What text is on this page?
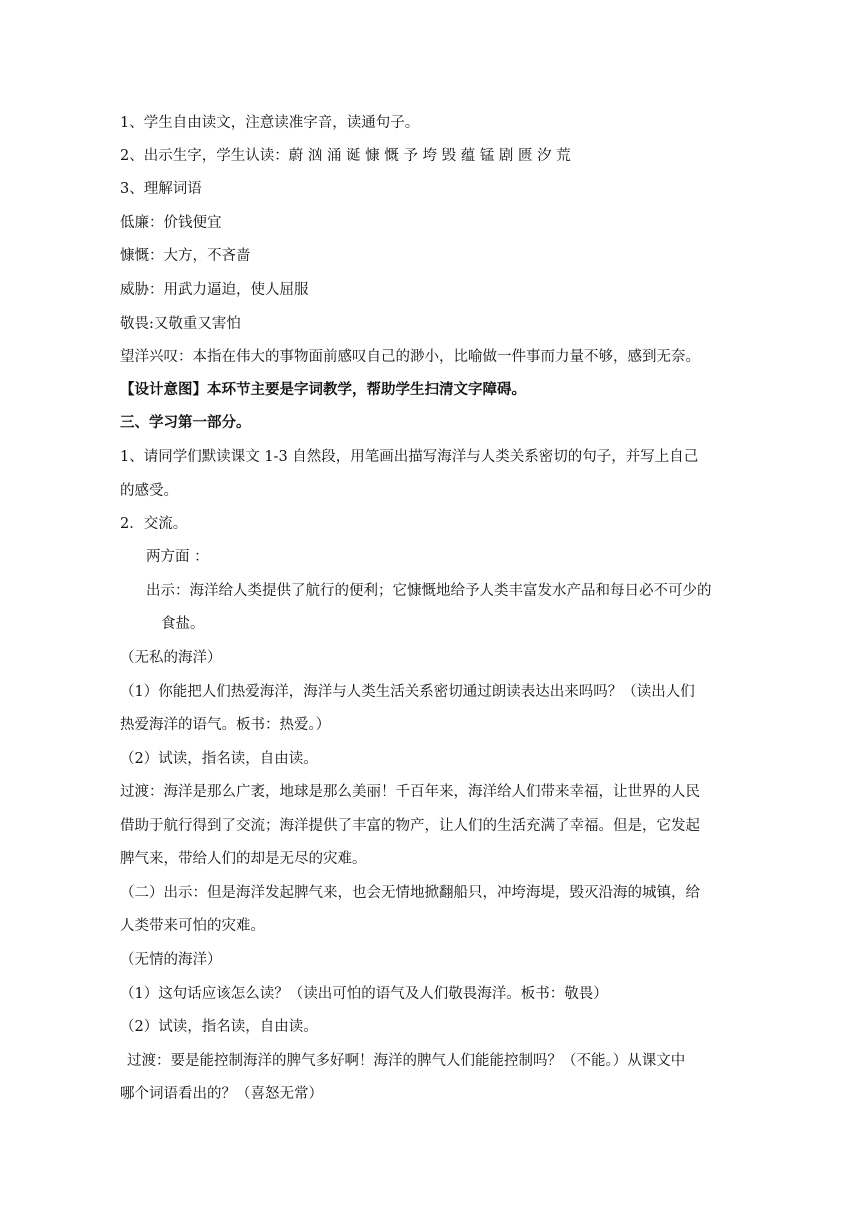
1、学生自由读文，注意读准字音，读通句子。
2、出示生字，学生认读：蔚 汹 涌 诞 慷 慨 予 垮 毁 蕴 锰 剧 匮 汐 荒
3、理解词语
低廉：价钱便宜
慷慨：大方，不吝啬
威胁：用武力逼迫，使人屈服
敬畏:又敬重又害怕
望洋兴叹：本指在伟大的事物面前感叹自己的渺小，比喻做一件事而力量不够，感到无奈。
【设计意图】本环节主要是字词教学，帮助学生扫清文字障碍。
三、学习第一部分。
1、请同学们默读课文 1-3 自然段，用笔画出描写海洋与人类关系密切的句子，并写上自己
的感受。
2．交流。
两方面 ：
出示：海洋给人类提供了航行的便利；它慷慨地给予人类丰富发水产品和每日必不可少的
食盐。
（无私的海洋）
（1）你能把人们热爱海洋，海洋与人类生活关系密切通过朗读表达出来吗吗？（读出人们
热爱海洋的语气。板书：热爱。）
（2）试读，指名读，自由读。
过渡：海洋是那么广袤，地球是那么美丽！千百年来，海洋给人们带来幸福，让世界的人民
借助于航行得到了交流；海洋提供了丰富的物产，让人们的生活充满了幸福。但是，它发起
脾气来，带给人们的却是无尽的灾难。
（二）出示：但是海洋发起脾气来，也会无情地掀翻船只，冲垮海堤，毁灭沿海的城镇，给
人类带来可怕的灾难。
（无情的海洋）
（1）这句话应该怎么读？（读出可怕的语气及人们敬畏海洋。板书：敬畏）
（2）试读，指名读，自由读。
过渡：要是能控制海洋的脾气多好啊！海洋的脾气人们能能控制吗？（不能。）从课文中
哪个词语看出的？（喜怒无常）
